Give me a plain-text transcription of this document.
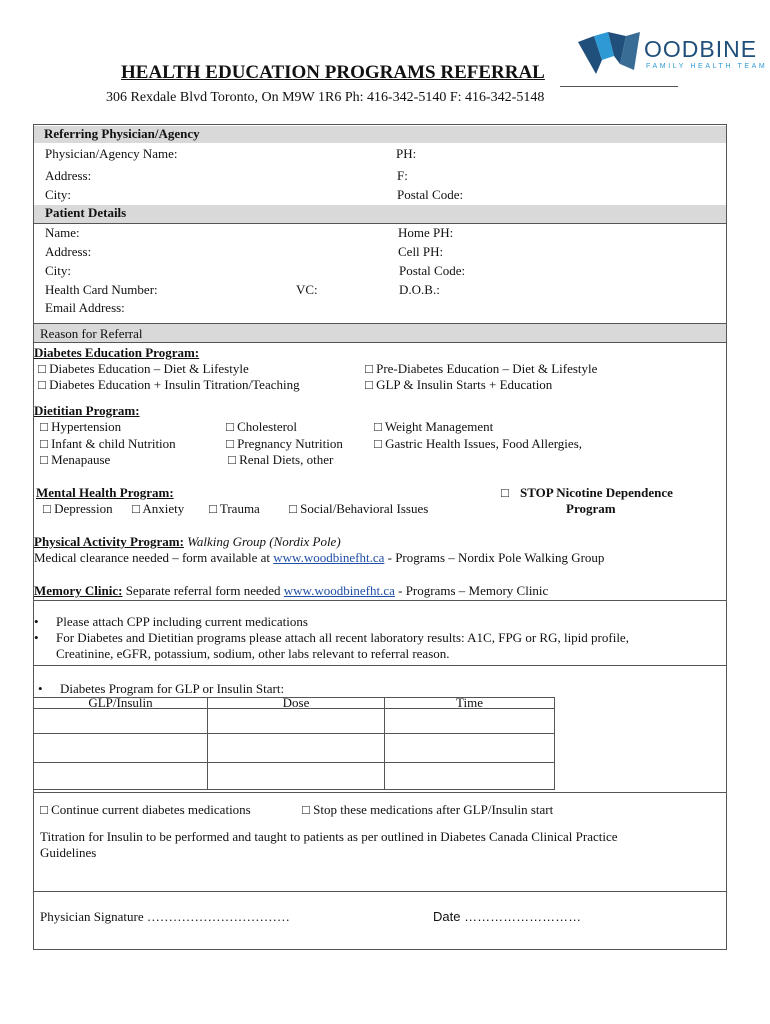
OODBINE
FAMILY HEALTH TEAM
HEALTH EDUCATION PROGRAMS REFERRAL
306 Rexdale Blvd Toronto, On M9W 1R6 Ph: 416-342-5140 F: 416-342-5148
Referring Physician/Agency
Physician/Agency Name:	PH:
Address:	F:
City:	Postal Code:
Patient Details
Name:	Home PH:
Address:	Cell PH:
City:	Postal Code:
Health Card Number:	VC:	D.O.B.:
Email Address:
Reason for Referral
Diabetes Education Program:
□ Diabetes Education – Diet & Lifestyle
□ Diabetes Education + Insulin Titration/Teaching
□ Pre-Diabetes Education – Diet & Lifestyle
□ GLP & Insulin Starts + Education
Dietitian Program:
□ Hypertension
□ Infant & child Nutrition
□ Menapause
□ Cholesterol
□ Pregnancy Nutrition
□ Renal Diets, other
□ Weight Management
□ Gastric Health Issues, Food Allergies,
Mental Health Program:
□ Depression □ Anxiety □ Trauma □ Social/Behavioral Issues
□ STOP Nicotine Dependence
Program
Physical Activity Program: Walking Group (Nordix Pole)
Medical clearance needed – form available at www.woodbinefht.ca - Programs – Nordix Pole Walking Group
Memory Clinic: Separate referral form needed www.woodbinefht.ca - Programs – Memory Clinic
• Please attach CPP including current medications
• For Diabetes and Dietitian programs please attach all recent laboratory results: A1C, FPG or RG, lipid profile,
Creatinine, eGFR, potassium, sodium, other labs relevant to referral reason.
• Diabetes Program for GLP or Insulin Start:
GLP/Insulin	Dose	Time

□ Continue current diabetes medications	□ Stop these medications after GLP/Insulin start
Titration for Insulin to be performed and taught to patients as per outlined in Diabetes Canada Clinical Practice
Guidelines
Physician Signature ……………………………	Date ………………………
